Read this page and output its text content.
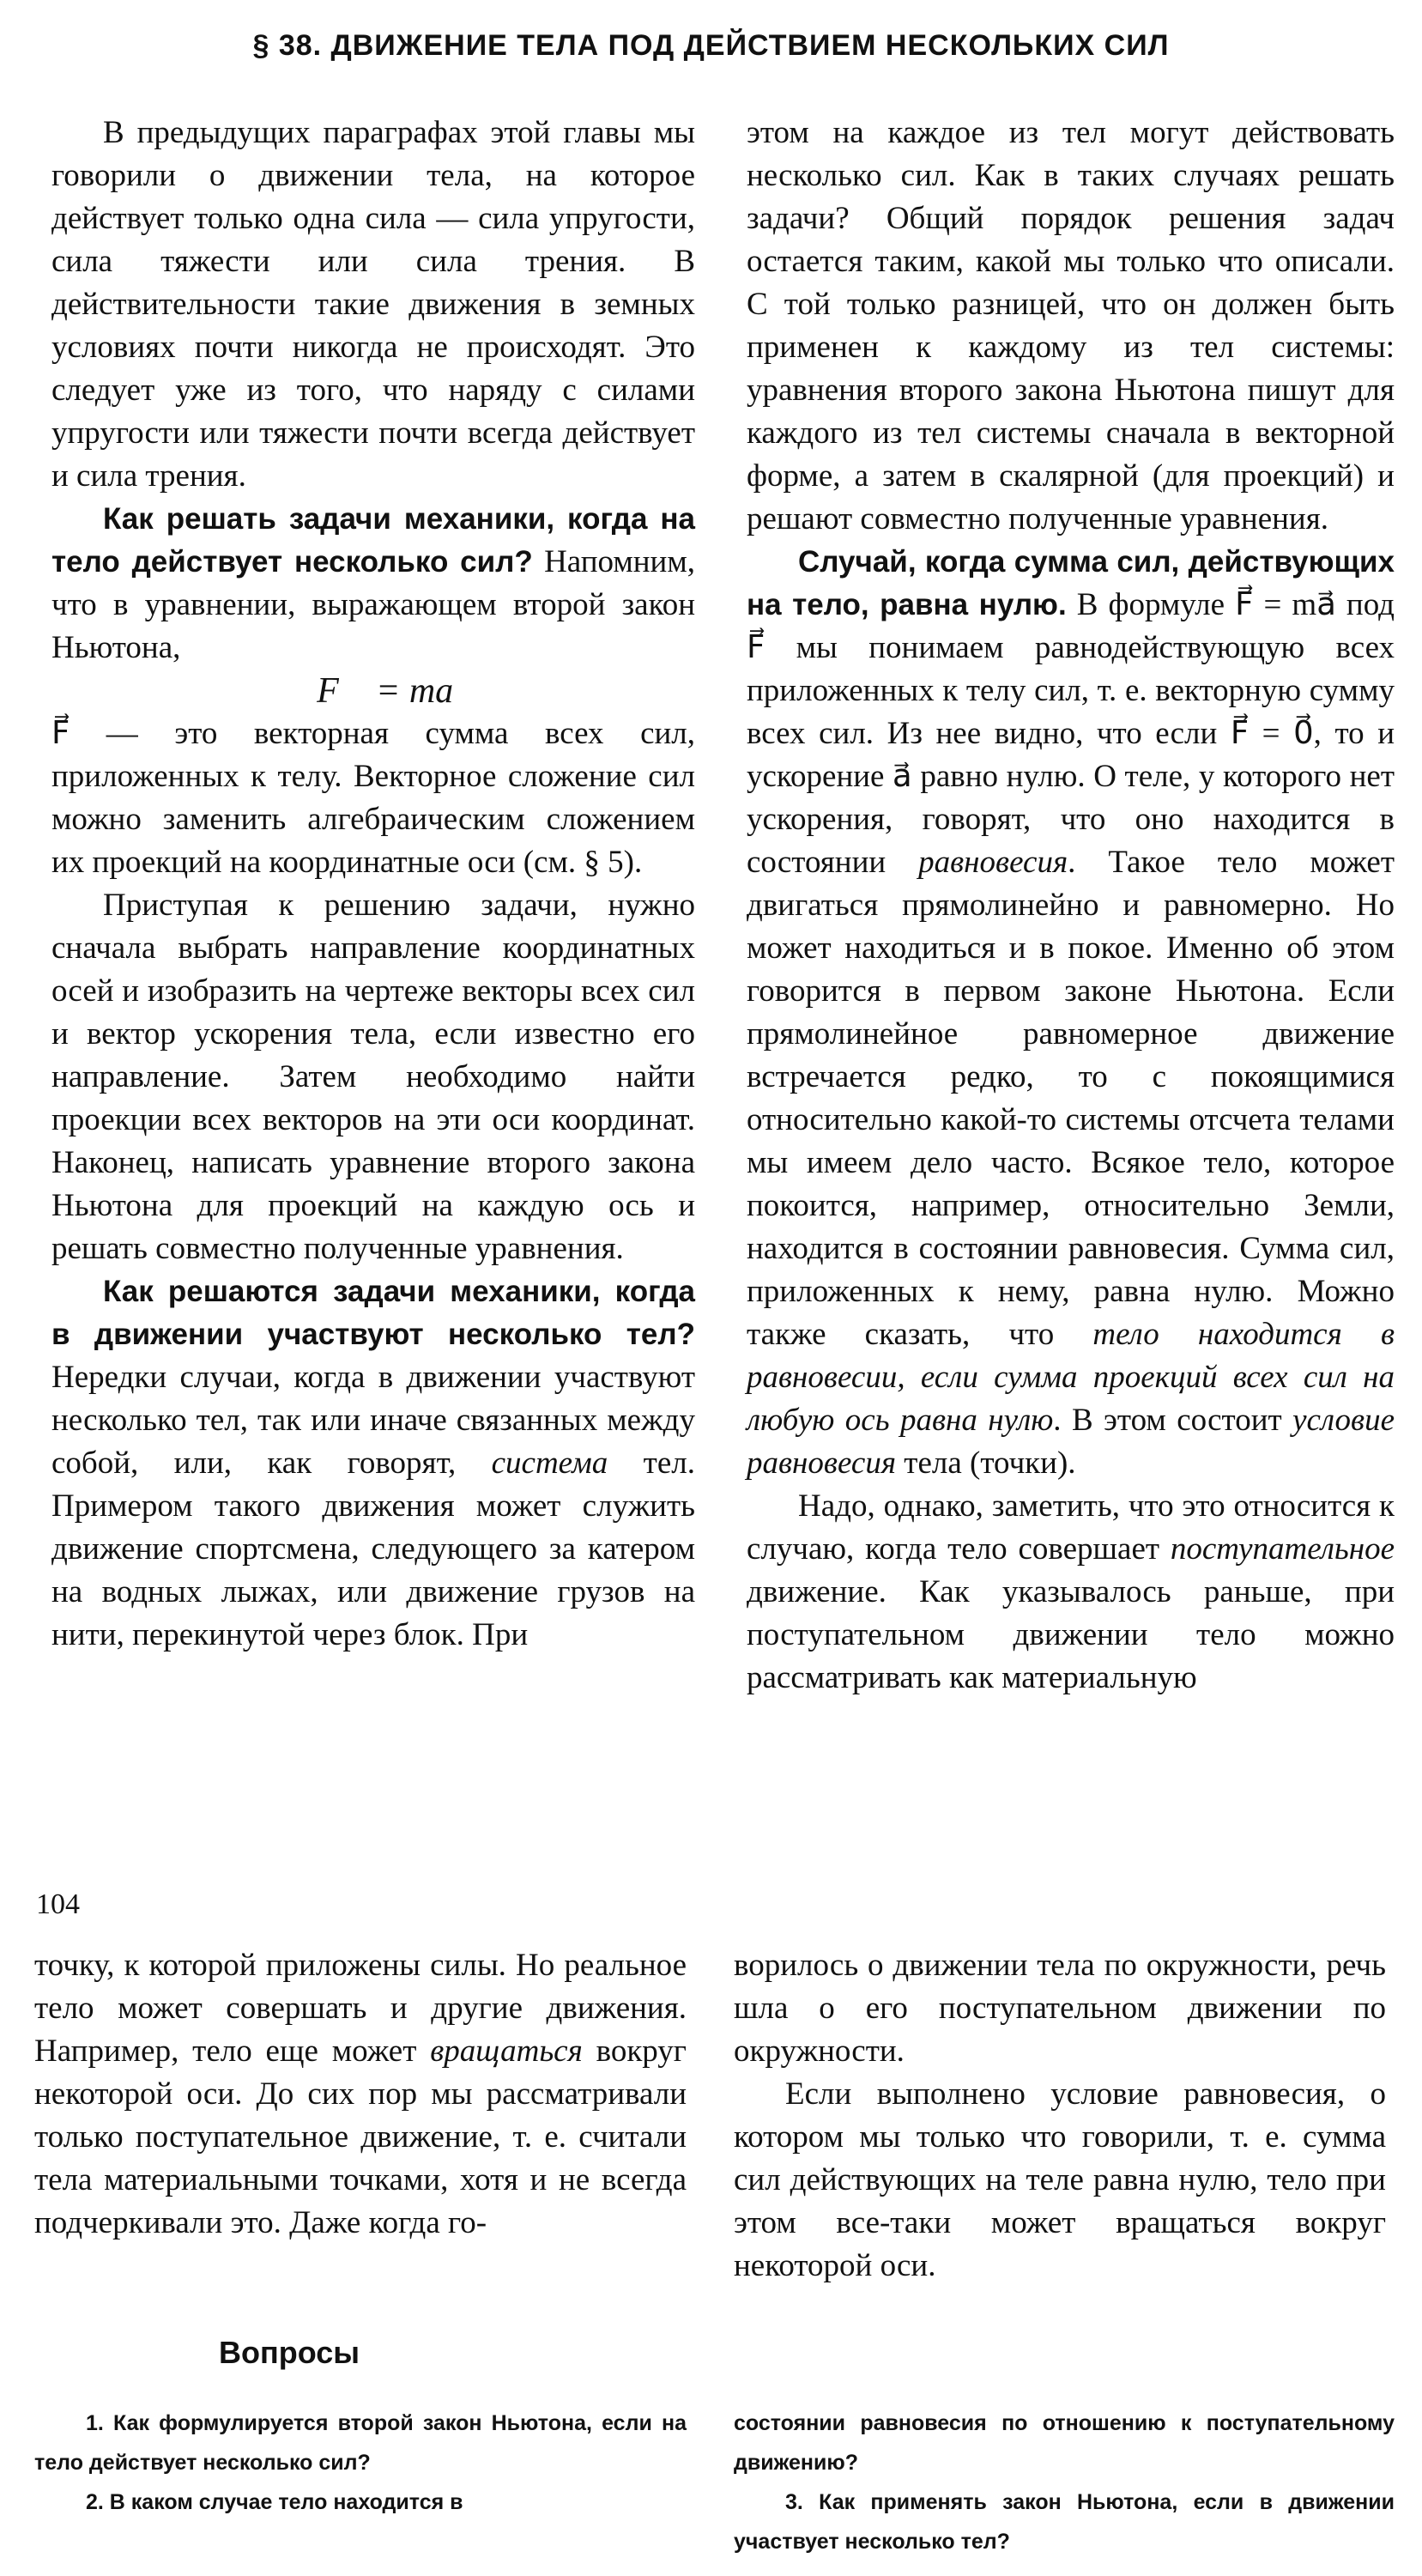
§ 38. ДВИЖЕНИЕ ТЕЛА ПОД ДЕЙСТВИЕМ НЕСКОЛЬКИХ СИЛ

В предыдущих параграфах этой главы мы говорили о движении тела, на которое действует только одна сила — сила упругости, сила тяжести или сила трения. В действительности такие движения в земных условиях почти никогда не происходят. Это следует уже из того, что наряду с силами упругости или тяжести почти всегда действует и сила трения.

Как решать задачи механики, когда на тело действует несколько сил? Напомним, что в уравнении, выражающем второй закон Ньютона,

F⃗ = ma⃗

F⃗ — это векторная сумма всех сил, приложенных к телу. Векторное сложение сил можно заменить алгебраическим сложением их проекций на координатные оси (см. § 5).

Приступая к решению задачи, нужно сначала выбрать направление координатных осей и изобразить на чертеже векторы всех сил и вектор ускорения тела, если известно его направление. Затем необходимо найти проекции всех векторов на эти оси координат. Наконец, написать уравнение второго закона Ньютона для проекций на каждую ось и решать совместно полученные уравнения.

Как решаются задачи механики, когда в движении участвуют несколько тел? Нередки случаи, когда в движении участвуют несколько тел, так или иначе связанных между собой, или, как говорят, система тел. Примером такого движения может служить движение спортсмена, следующего за катером на водных лыжах, или движение грузов на нити, перекинутой через блок. При

этом на каждое из тел могут действовать несколько сил. Как в таких случаях решать задачи? Общий порядок решения задач остается таким, какой мы только что описали. С той только разницей, что он должен быть применен к каждому из тел системы: уравнения второго закона Ньютона пишут для каждого из тел системы сначала в векторной форме, а затем в скалярной (для проекций) и решают совместно полученные уравнения.

Случай, когда сумма сил, действующих на тело, равна нулю. В формуле F⃗ = ma⃗ под F⃗ мы понимаем равнодействующую всех приложенных к телу сил, т. е. векторную сумму всех сил. Из нее видно, что если F⃗ = 0⃗, то и ускорение a⃗ равно нулю. О теле, у которого нет ускорения, говорят, что оно находится в состоянии равновесия. Такое тело может двигаться прямолинейно и равномерно. Но может находиться и в покое. Именно об этом говорится в первом законе Ньютона. Если прямолинейное равномерное движение встречается редко, то с покоящимися относительно какой-то системы отсчета телами мы имеем дело часто. Всякое тело, которое покоится, например, относительно Земли, находится в состоянии равновесия. Сумма сил, приложенных к нему, равна нулю. Можно также сказать, что тело находится в равновесии, если сумма проекций всех сил на любую ось равна нулю. В этом состоит условие равновесия тела (точки).

Надо, однако, заметить, что это относится к случаю, когда тело совершает поступательное движение. Как указывалось раньше, при поступательном движении тело можно рассматривать как материальную

104

точку, к которой приложены силы. Но реальное тело может совершать и другие движения. Например, тело еще может вращаться вокруг некоторой оси. До сих пор мы рассматривали только поступательное движение, т. е. считали тела материальными точками, хотя и не всегда подчеркивали это. Даже когда го-

ворилось о движении тела по окружности, речь шла о его поступательном движении по окружности.

Если выполнено условие равновесия, о котором мы только что говорили, т. е. сумма сил действующих на теле равна нулю, тело при этом все-таки может вращаться вокруг некоторой оси.

Вопросы

1. Как формулируется второй закон Ньютона, если на тело действует несколько сил?

2. В каком случае тело находится в

состоянии равновесия по отношению к поступательному движению?

3. Как применять закон Ньютона, если в движении участвует несколько тел?
